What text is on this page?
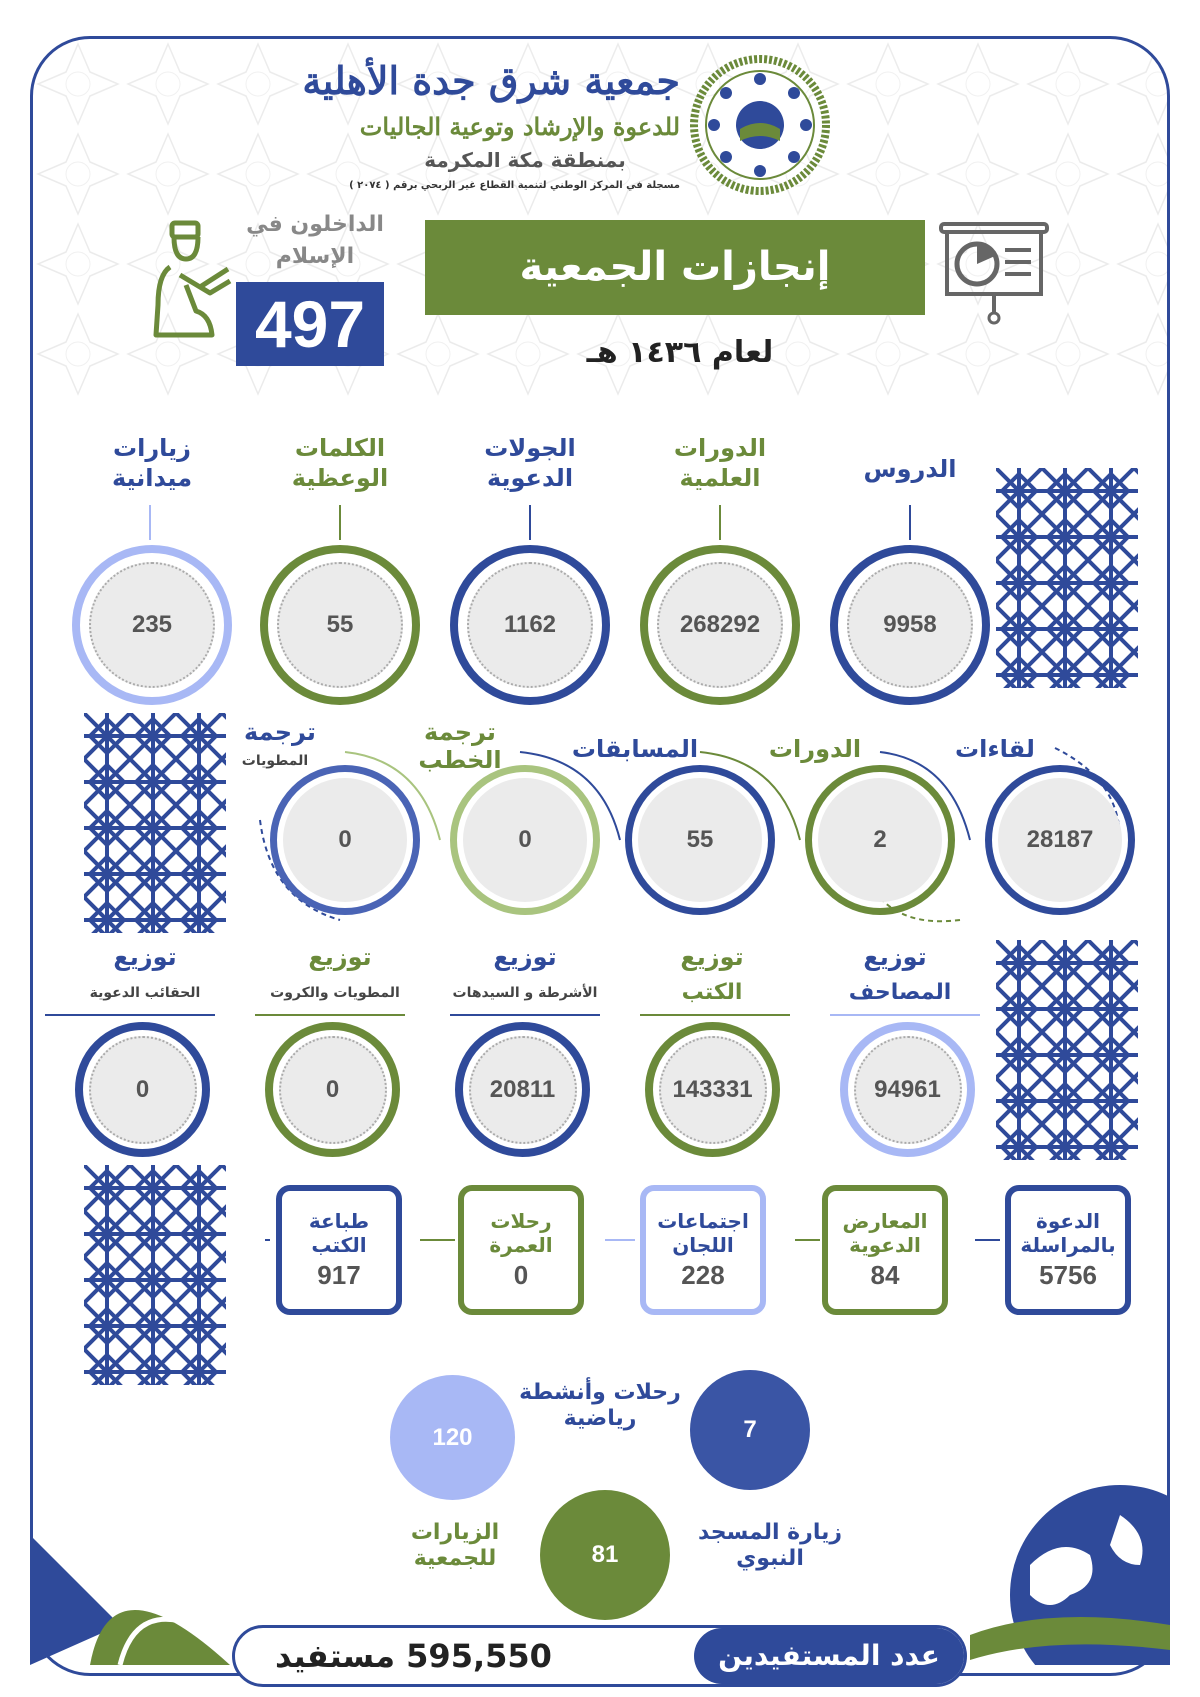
جمعية شرق جدة الأهلية
للدعوة والإرشاد وتوعية الجاليات
بمنطقة مكة المكرمة
مسجلة في المركز الوطني لتنمية القطاع غير الربحي برقم ( ٢٠٧٤ )
إنجازات الجمعية
لعام ١٤٣٦ هـ
الداخلون في
الإسلام
497
الدروس
الدورات
العلمية
الجولات
الدعوية
الكلمات
الوعظية
زيارات
ميدانية
9958
268292
1162
55
235
لقاءات
الدورات
المسابقات
ترجمة
الخطب
ترجمة
المطويات
28187
2
55
0
0
توزيع
المصاحف
توزيع
الكتب
توزيع
الأشرطة و السيدهات
توزيع
المطويات والكروت
توزيع
الحقائب الدعوية
94961
143331
20811
0
0
الدعوة
بالمراسلة
5756
المعارض
الدعوية
84
اجتماعات
اللجان
228
رحلات
العمرة
0
طباعة
الكتب
917
120	7
81
رحلات وأنشطة
رياضية
زيارة المسجد
النبوي
الزيارات
للجمعية
عدد المستفيدين
595,550 مستفيد
